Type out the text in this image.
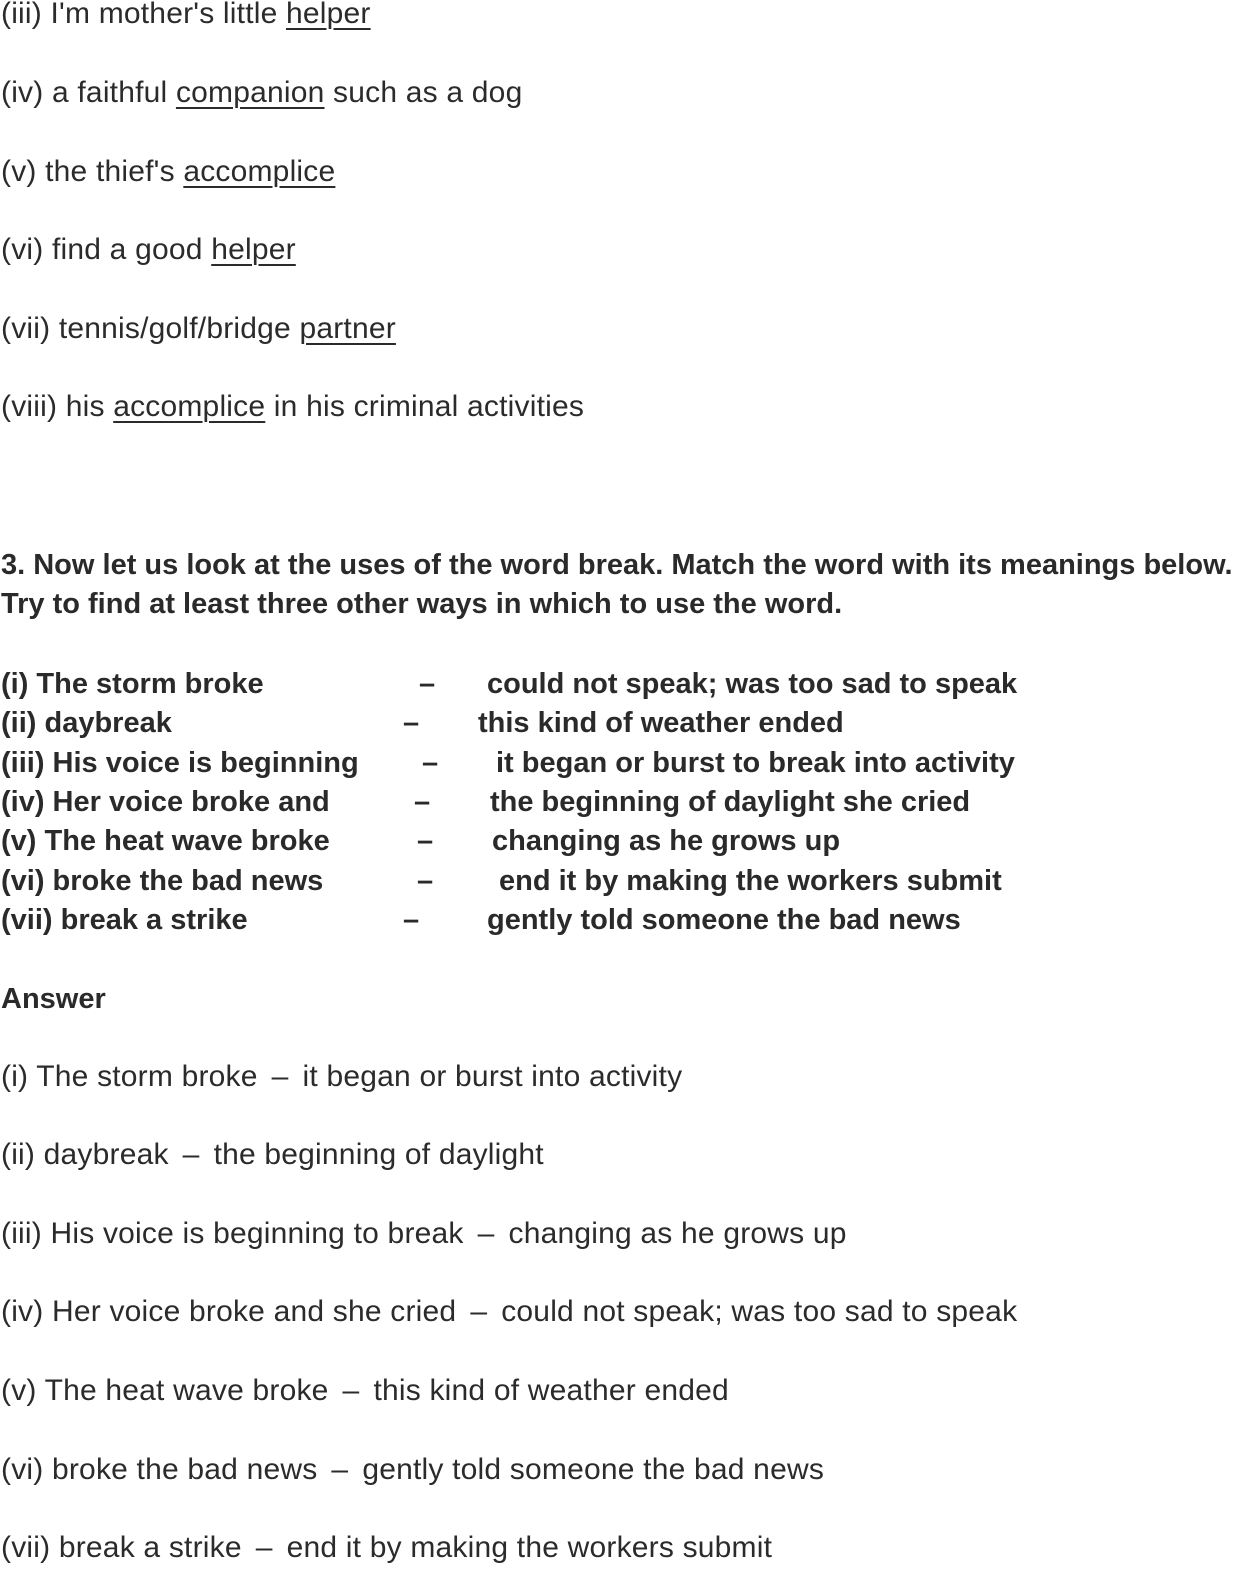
(iii) I'm mother's little helper
(iv) a faithful companion such as a dog
(v) the thief's accomplice
(vi) find a good helper
(vii) tennis/golf/bridge partner
(viii) his accomplice in his criminal activities
3. Now let us look at the uses of the word break. Match the word with its meanings below. Try to find at least three other ways in which to use the word.
(i) The storm broke	– could not speak; was too sad to speak
(ii) daybreak	– this kind of weather ended
(iii) His voice is beginning – it began or burst to break into activity
(iv) Her voice broke and	– the beginning of daylight she cried
(v) The heat wave broke	– changing as he grows up
(vi) broke the bad news	– end it by making the workers submit
(vii) break a strike	– gently told someone the bad news
Answer
(i) The storm broke – it began or burst into activity
(ii) daybreak – the beginning of daylight
(iii) His voice is beginning to break – changing as he grows up
(iv) Her voice broke and she cried – could not speak; was too sad to speak
(v) The heat wave broke – this kind of weather ended
(vi) broke the bad news – gently told someone the bad news
(vii) break a strike – end it by making the workers submit
